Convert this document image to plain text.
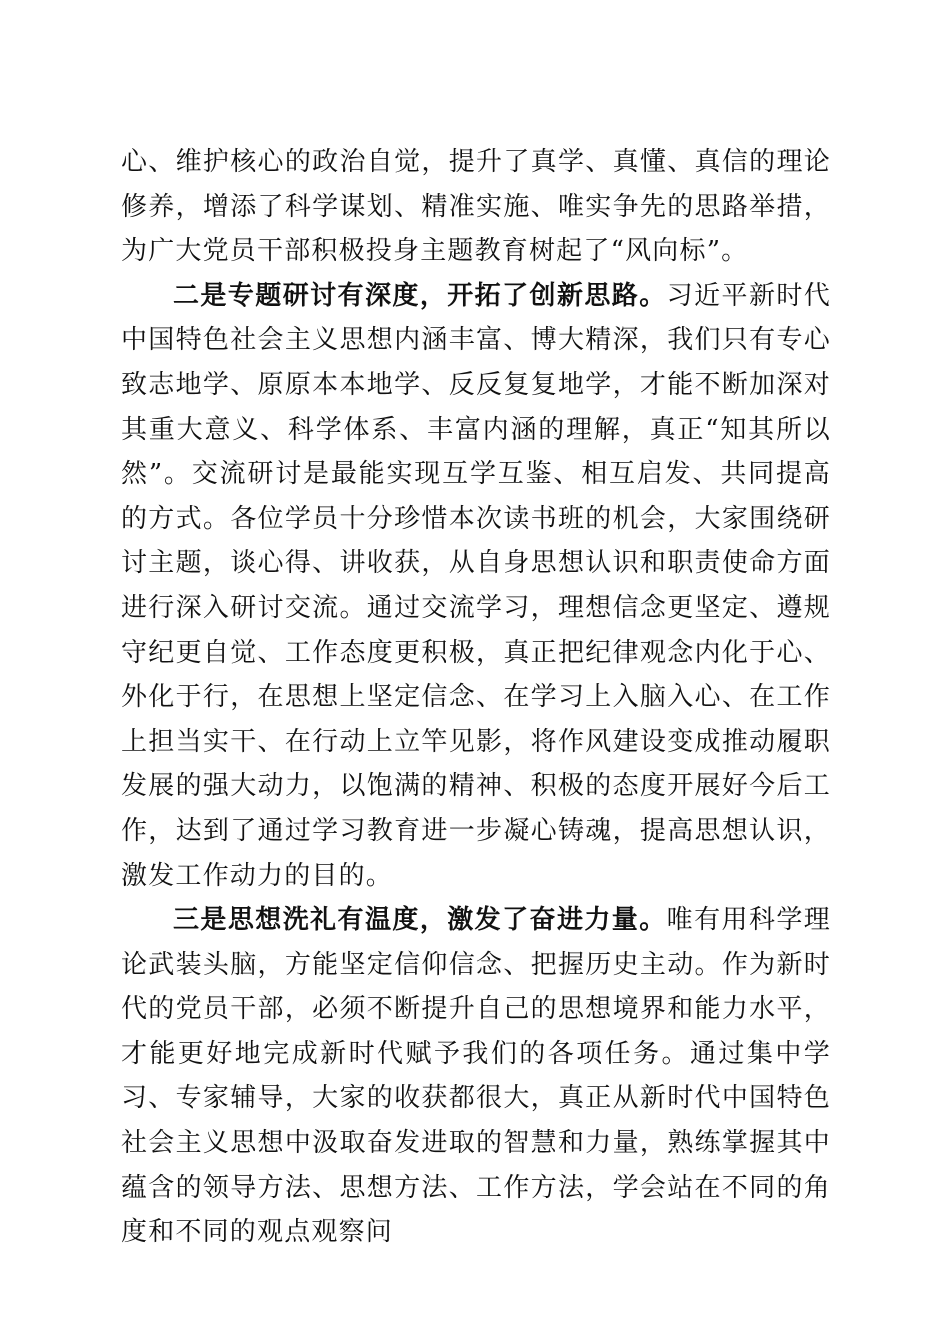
心、维护核心的政治自觉，提升了真学、真懂、真信的理论修养，增添了科学谋划、精准实施、唯实争先的思路举措，为广大党员干部积极投身主题教育树起了“风向标”。

二是专题研讨有深度，开拓了创新思路。习近平新时代中国特色社会主义思想内涵丰富、博大精深，我们只有专心致志地学、原原本本地学、反反复复地学，才能不断加深对其重大意义、科学体系、丰富内涵的理解，真正“知其所以然”。交流研讨是最能实现互学互鉴、相互启发、共同提高的方式。各位学员十分珍惜本次读书班的机会，大家围绕研讨主题，谈心得、讲收获，从自身思想认识和职责使命方面进行深入研讨交流。通过交流学习，理想信念更坚定、遵规守纪更自觉、工作态度更积极，真正把纪律观念内化于心、外化于行，在思想上坚定信念、在学习上入脑入心、在工作上担当实干、在行动上立竿见影，将作风建设变成推动履职发展的强大动力，以饱满的精神、积极的态度开展好今后工作，达到了通过学习教育进一步凝心铸魂，提高思想认识，激发工作动力的目的。

三是思想洗礼有温度，激发了奋进力量。唯有用科学理论武装头脑，方能坚定信仰信念、把握历史主动。作为新时代的党员干部，必须不断提升自己的思想境界和能力水平，才能更好地完成新时代赋予我们的各项任务。通过集中学习、专家辅导，大家的收获都很大，真正从新时代中国特色社会主义思想中汲取奋发进取的智慧和力量，熟练掌握其中蕴含的领导方法、思想方法、工作方法，学会站在不同的角度和不同的观点观察问
